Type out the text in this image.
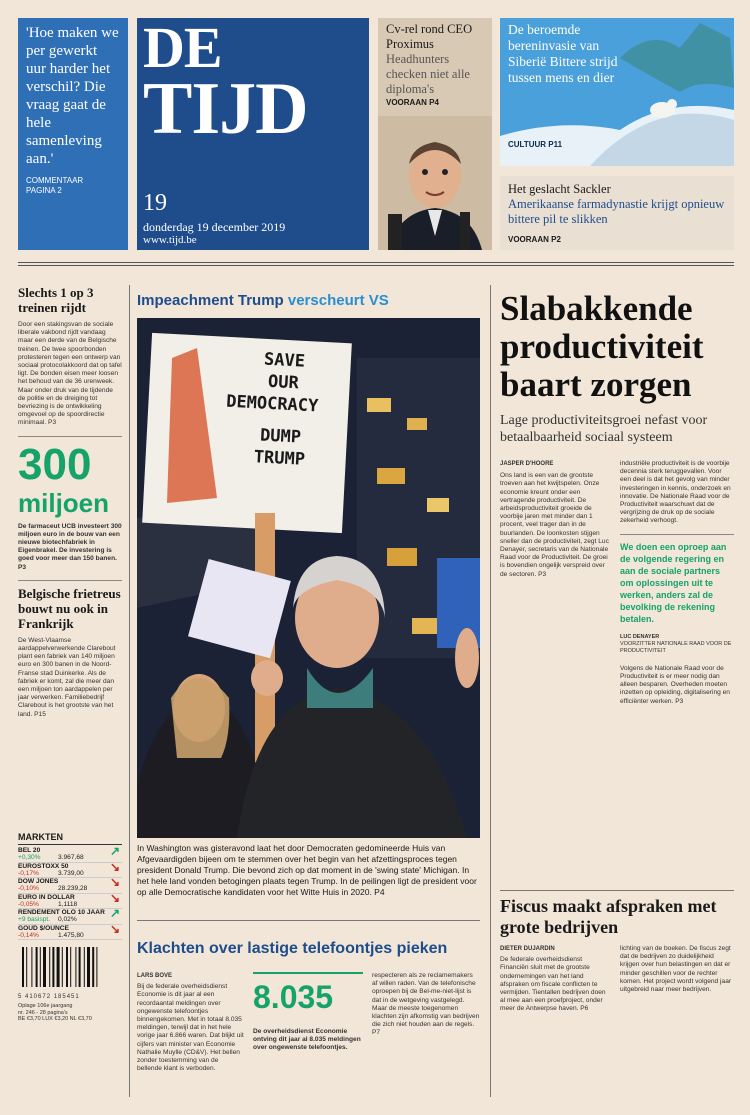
'Hoe maken we per gewerkt uur harder het verschil? Die vraag gaat de hele samenleving aan.'
COMMENTAAR
PAGINA 2
DE
TIJD
19
donderdag 19 december 2019
www.tijd.be
Cv-rel rond CEO Proximus
Headhunters checken niet alle diploma's
VOORAAN P4
De beroemde bereninvasie van Siberië Bittere strijd tussen mens en dier
CULTUUR P11
Het geslacht Sackler
Amerikaanse farmadynastie krijgt opnieuw bittere pil te slikken
VOORAAN P2
Slechts 1 op 3 treinen rijdt
Door een stakingsvan de sociale liberale vakbond rijdt vandaag maar een derde van de Belgische treinen. De twee spoorbonden protesteren tegen een ontwerp van sociaal protocolakkoord dat op tafel ligt. De bonden eisen meer loosen het behoud van de 36 urenweek. Maar onder druk van de tijdende de politie en de dreiging tot bevriezing is de ontwikkeling omgevoel op de spoordirectie minimaal. P3
300
miljoen
De farmaceut UCB investeert 300 miljoen euro in de bouw van een nieuwe biotechfabriek in Eigenbrakel. De investering is goed voor meer dan 150 banen. P3
Belgische frietreus bouwt nu ook in Frankrijk
De West-Vlaamse aardappelverwerkende Clarebout plant een fabriek van 140 miljoen euro en 300 banen in de Noord-Franse stad Duinkerke. Als de fabriek er komt, zal die meer dan een miljoen ton aardappelen per jaar verwerken. Familiebedrijf Clarebout is het grootste van het land. P15
MARKTEN
BEL 20
+0,30%	3.967,68 ↗
EUROSTOXX 50
-0,17%	3.739,00 ↘
DOW JONES
-0,10%	28.239,28 ↘
EURO IN DOLLAR
-0,05%	1,1118	↘
RENDEMENT OLO 10 JAAR
+9 basispt. 0,02%	↗
GOUD $/OUNCE
-0,14%	1.475,80 ↘
5 410672 185451
Oplage 106e jaargang
nr. 246 - 28 pagina's
BE €3,70 LUX €3,20 NL €3,70
Impeachment Trump verscheurt VS
SAVE
OUR
DEMOCRACY
DUMP
TRUMP
In Washington was gisteravond laat het door Democraten gedomineerde Huis van Afgevaardigden bijeen om te stemmen over het begin van het afzettingsproces tegen president Donald Trump. Die bevond zich op dat moment in de 'swing state' Michigan. In het hele land vonden betogingen plaats tegen Trump. In de peilingen ligt de president voor op alle Democratische kandidaten voor het Witte Huis in 2020. P4
Klachten over lastige telefoontjes pieken
LARS BOVE
Bij de federale overheidsdienst Economie is dit jaar al een recordaantal meldingen over ongewenste telefoontjes binnengekomen. Met in totaal 8.035 meldingen, terwijl dat in het hele vorige jaar 6.866 waren. Dat blijkt uit cijfers van minister van Economie Nathalie Muylle (CD&V). Het bellen zonder toestemming van de bellende klant is verboden.
8.035
De overheidsdienst Economie ontving dit jaar al 8.035 meldingen over ongewenste telefoontjes.
respecteren als ze reclamemakers af willen raden. Van de telefonische oproepen bij de Bel-me-niet-lijst is dat in de wetgeving vastgelegd. Maar de meeste toegenomen klachten zijn afkomstig van bedrijven die zich niet houden aan de regels. P7
Slabakkende productiviteit baart zorgen
Lage productiviteitsgroei nefast voor betaalbaarheid sociaal systeem
JASPER D'HOORE
Ons land is een van de grootste troeven aan het kwijtspelen. Onze economie kreunt onder een vertragende productiviteit. De arbeidsproductiviteit groeide de voorbije jaren met minder dan 1 procent, veel trager dan in de buurlanden. De loonkosten stijgen sneller dan de productiviteit, zegt Luc Denayer, secretaris van de Nationale Raad voor de Productiviteit. De groei is bovendien ongelijk verspreid over de sectoren. P3
industriële productiviteit is de voorbije decennia sterk teruggevallen. Voor een deel is dat het gevolg van minder investeringen in kennis, onderzoek en innovatie. De Nationale Raad voor de Productiviteit waarschuwt dat de vergrijzing de druk op de sociale zekerheid verhoogt.
We doen een oproep aan de volgende regering en aan de sociale partners om oplossingen uit te werken, anders zal de bevolking de rekening betalen.
LUC DENAYER
VOORZITTER NATIONALE RAAD VOOR DE PRODUCTIVITEIT
Volgens de Nationale Raad voor de Productiviteit is er meer nodig dan alleen besparen. Overheden moeten inzetten op opleiding, digitalisering en efficiënter werken. P3
Fiscus maakt afspraken met grote bedrijven
DIETER DUJARDIN
De federale overheidsdienst Financiën sluit met de grootste ondernemingen van het land afspraken om fiscale conflicten te vermijden. Tientallen bedrijven doen al mee aan een proefproject, onder meer de Antwerpse haven. P6
lichting van de boeken. De fiscus zegt dat de bedrijven zo duidelijkheid krijgen over hun belastingen en dat er minder geschillen voor de rechter komen. Het project wordt volgend jaar uitgebreid naar meer bedrijven.
